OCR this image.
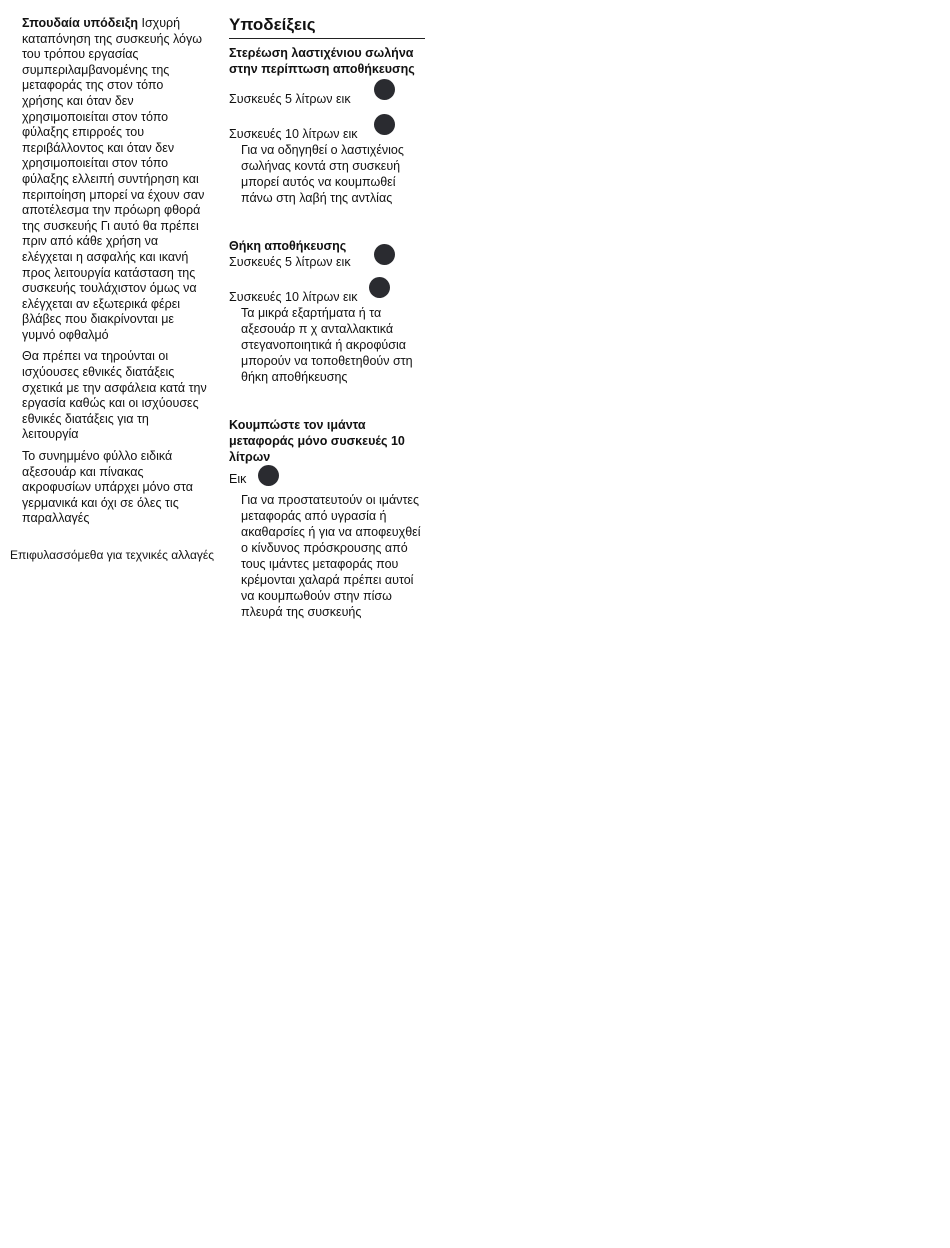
Σπουδαία υπόδειξη Ισχυρή καταπόνηση της συσκευής λόγω του τρόπου εργασίας συμπεριλαμβανομένης της μεταφοράς της στον τόπο χρήσης και όταν δεν χρησιμοποιείται στον τόπο φύλαξης επιρροές του περιβάλλοντος και όταν δεν χρησιμοποιείται στον τόπο φύλαξης ελλειπή συντήρηση και περιποίηση μπορεί να έχουν σαν αποτέλεσμα την πρόωρη φθορά της συσκευής Γι αυτό θα πρέπει πριν από κάθε χρήση να ελέγχεται η ασφαλής και ικανή προς λειτουργία κατάσταση της συσκευής τουλάχιστον όμως να ελέγχεται αν εξωτερικά φέρει βλάβες που διακρίνονται με γυμνό οφθαλμό

Θα πρέπει να τηρούνται οι ισχύουσες εθνικές διατάξεις σχετικά με την ασφάλεια κατά την εργασία καθώς και οι ισχύουσες εθνικές διατάξεις για τη λειτουργία

Το συνημμένο φύλλο ειδικά αξεσουάρ και πίνακας ακροφυσίων υπάρχει μόνο στα γερμανικά και όχι σε όλες τις παραλλαγές

Επιφυλασσόμεθα για τεχνικές αλλαγές
Υποδείξεις
Στερέωση λαστιχένιου σωλήνα στην περίπτωση αποθήκευσης
Συσκευές 5 λίτρων εικ
Συσκευές 10 λίτρων εικ
Για να οδηγηθεί ο λαστιχένιος σωλήνας κοντά στη συσκευή μπορεί αυτός να κουμπωθεί πάνω στη λαβή της αντλίας
Θήκη αποθήκευσης
Συσκευές 5 λίτρων εικ
Συσκευές 10 λίτρων εικ
Τα μικρά εξαρτήματα ή τα αξεσουάρ π χ ανταλλακτικά στεγανοποιητικά ή ακροφύσια μπορούν να τοποθετηθούν στη θήκη αποθήκευσης
Κουμπώστε τον ιμάντα μεταφοράς μόνο συσκευές 10 λίτρων
Εικ
Για να προστατευτούν οι ιμάντες μεταφοράς από υγρασία ή ακαθαρσίες ή για να αποφευχθεί ο κίνδυνος πρόσκρουσης από τους ιμάντες μεταφοράς που κρέμονται χαλαρά πρέπει αυτοί να κουμπωθούν στην πίσω πλευρά της συσκευής
